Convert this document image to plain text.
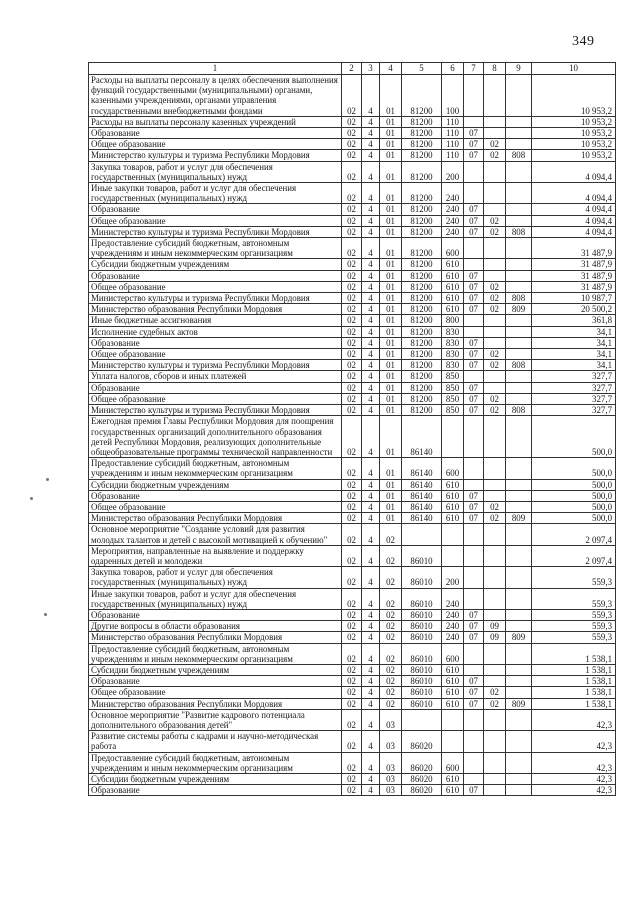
349
1	2	3	4	5	6	7	8	9	10
Расходы на выплаты персоналу в целях обеспечения выполнения функций государственными (муниципальными) органами, казенными учреждениями, органами управления государственными внебюджетными фондами	02	4	01	81200	100				10 953,2
Расходы на выплаты персоналу казенных учреждений	02	4	01	81200	110				10 953,2
Образование	02	4	01	81200	110	07			10 953,2
Общее образование	02	4	01	81200	110	07	02		10 953,2
Министерство культуры и туризма Республики Мордовия	02	4	01	81200	110	07	02	808	10 953,2
Закупка товаров, работ и услуг для обеспечения государственных (муниципальных) нужд	02	4	01	81200	200				4 094,4
Иные закупки товаров, работ и услуг для обеспечения государственных (муниципальных) нужд	02	4	01	81200	240				4 094,4
Образование	02	4	01	81200	240	07			4 094,4
Общее образование	02	4	01	81200	240	07	02		4 094,4
Министерство культуры и туризма Республики Мордовия	02	4	01	81200	240	07	02	808	4 094,4
Предоставление субсидий бюджетным, автономным учреждениям и иным некоммерческим организациям	02	4	01	81200	600				31 487,9
Субсидии бюджетным учреждениям	02	4	01	81200	610				31 487,9
Образование	02	4	01	81200	610	07			31 487,9
Общее образование	02	4	01	81200	610	07	02		31 487,9
Министерство культуры и туризма Республики Мордовия	02	4	01	81200	610	07	02	808	10 987,7
Министерство образования Республики Мордовия	02	4	01	81200	610	07	02	809	20 500,2
Иные бюджетные ассигнования	02	4	01	81200	800				361,8
Исполнение судебных актов	02	4	01	81200	830				34,1
Образование	02	4	01	81200	830	07			34,1
Общее образование	02	4	01	81200	830	07	02		34,1
Министерство культуры и туризма Республики Мордовия	02	4	01	81200	830	07	02	808	34,1
Уплата налогов, сборов и иных платежей	02	4	01	81200	850				327,7
Образование	02	4	01	81200	850	07			327,7
Общее образование	02	4	01	81200	850	07	02		327,7
Министерство культуры и туризма Республики Мордовия	02	4	01	81200	850	07	02	808	327,7
Ежегодная премия Главы Республики Мордовия для поощрения государственных организаций дополнительного образования детей Республики Мордовия, реализующих дополнительные общеобразовательные программы технической направленности	02	4	01	86140					500,0
Предоставление субсидий бюджетным, автономным учреждениям и иным некоммерческим организациям	02	4	01	86140	600				500,0
Субсидии бюджетным учреждениям	02	4	01	86140	610				500,0
Образование	02	4	01	86140	610	07			500,0
Общее образование	02	4	01	86140	610	07	02		500,0
Министерство образования Республики Мордовия	02	4	01	86140	610	07	02	809	500,0
Основное мероприятие "Создание условий для развития молодых талантов и детей с высокой мотивацией к обучению"	02	4	02						2 097,4
Мероприятия, направленные на выявление и поддержку одаренных детей и молодежи	02	4	02	86010					2 097,4
Закупка товаров, работ и услуг для обеспечения государственных (муниципальных) нужд	02	4	02	86010	200				559,3
Иные закупки товаров, работ и услуг для обеспечения государственных (муниципальных) нужд	02	4	02	86010	240				559,3
Образование	02	4	02	86010	240	07			559,3
Другие вопросы в области образования	02	4	02	86010	240	07	09		559,3
Министерство образования Республики Мордовия	02	4	02	86010	240	07	09	809	559,3
Предоставление субсидий бюджетным, автономным учреждениям и иным некоммерческим организациям	02	4	02	86010	600				1 538,1
Субсидии бюджетным учреждениям	02	4	02	86010	610				1 538,1
Образование	02	4	02	86010	610	07			1 538,1
Общее образование	02	4	02	86010	610	07	02		1 538,1
Министерство образования Республики Мордовия	02	4	02	86010	610	07	02	809	1 538,1
Основное мероприятие "Развитие кадрового потенциала дополнительного образования детей"	02	4	03						42,3
Развитие системы работы с кадрами и научно-методическая работа	02	4	03	86020					42,3
Предоставление субсидий бюджетным, автономным учреждениям и иным некоммерческим организациям	02	4	03	86020	600				42,3
Субсидии бюджетным учреждениям	02	4	03	86020	610				42,3
Образование	02	4	03	86020	610	07			42,3
